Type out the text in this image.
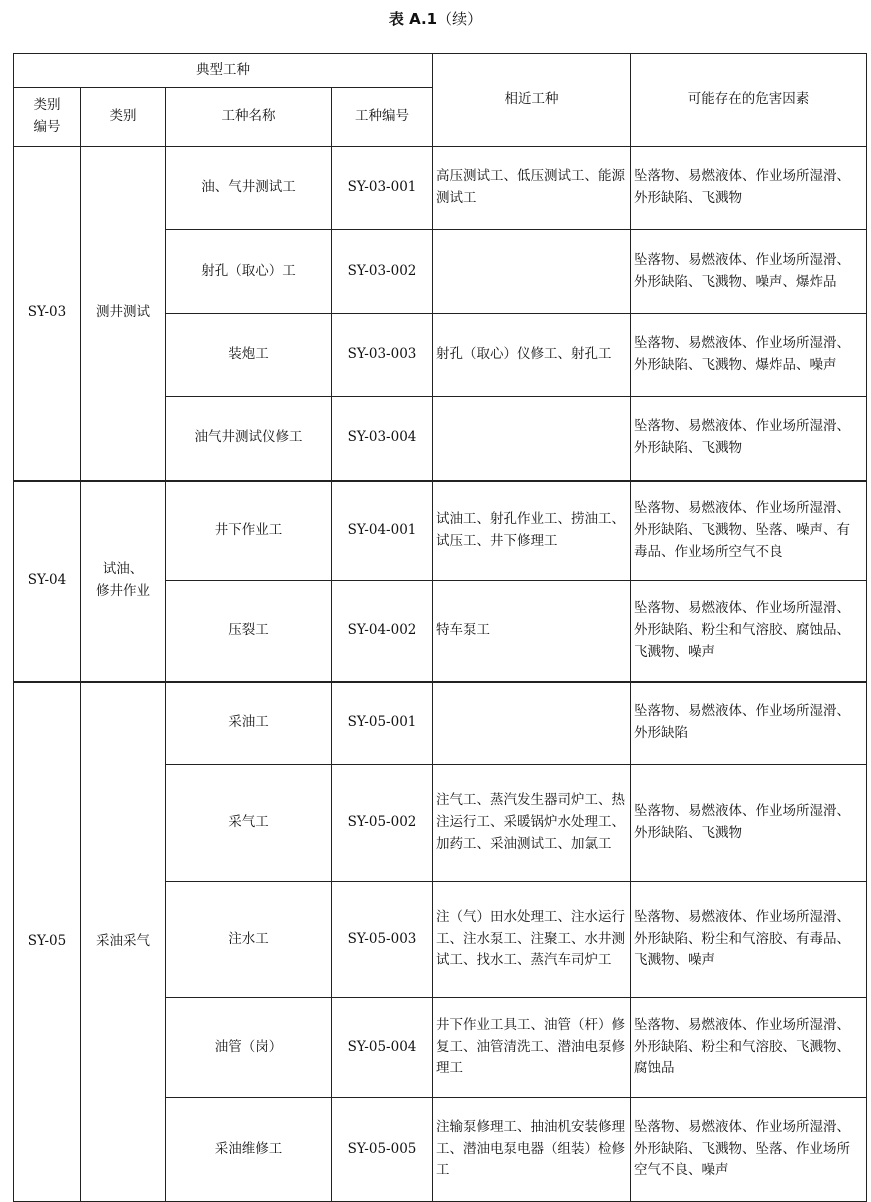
表 A.1（续）
典型工种				相近工种	可能存在的危害因素
类别
编号	类别	工种名称	工种编号		
SY-03	测井测试	油、气井测试工	SY-03-001	高压测试工、低压测试工、能源测试工	坠落物、易燃液体、作业场所湿滑、外形缺陷、飞溅物
		射孔（取心）工	SY-03-002		坠落物、易燃液体、作业场所湿滑、外形缺陷、飞溅物、噪声、爆炸品
		装炮工	SY-03-003	射孔（取心）仪修工、射孔工	坠落物、易燃液体、作业场所湿滑、外形缺陷、飞溅物、爆炸品、噪声
		油气井测试仪修工	SY-03-004		坠落物、易燃液体、作业场所湿滑、外形缺陷、飞溅物
SY-04	试油、
修井作业	井下作业工	SY-04-001	试油工、射孔作业工、捞油工、试压工、井下修理工	坠落物、易燃液体、作业场所湿滑、外形缺陷、飞溅物、坠落、噪声、有毒品、作业场所空气不良
		压裂工	SY-04-002	特车泵工	坠落物、易燃液体、作业场所湿滑、外形缺陷、粉尘和气溶胶、腐蚀品、飞溅物、噪声
SY-05	采油采气	采油工	SY-05-001		坠落物、易燃液体、作业场所湿滑、外形缺陷
		采气工	SY-05-002	注气工、蒸汽发生器司炉工、热注运行工、采暖锅炉水处理工、加药工、采油测试工、加氯工	坠落物、易燃液体、作业场所湿滑、外形缺陷、飞溅物
		注水工	SY-05-003	注（气）田水处理工、注水运行工、注水泵工、注聚工、水井测试工、找水工、蒸汽车司炉工	坠落物、易燃液体、作业场所湿滑、外形缺陷、粉尘和气溶胶、有毒品、飞溅物、噪声
		油管（岗）	SY-05-004	井下作业工具工、油管（杆）修复工、油管清洗工、潜油电泵修理工	坠落物、易燃液体、作业场所湿滑、外形缺陷、粉尘和气溶胶、飞溅物、腐蚀品
		采油维修工	SY-05-005	注输泵修理工、抽油机安装修理工、潜油电泵电器（组装）检修工	坠落物、易燃液体、作业场所湿滑、外形缺陷、飞溅物、坠落、作业场所空气不良、噪声
